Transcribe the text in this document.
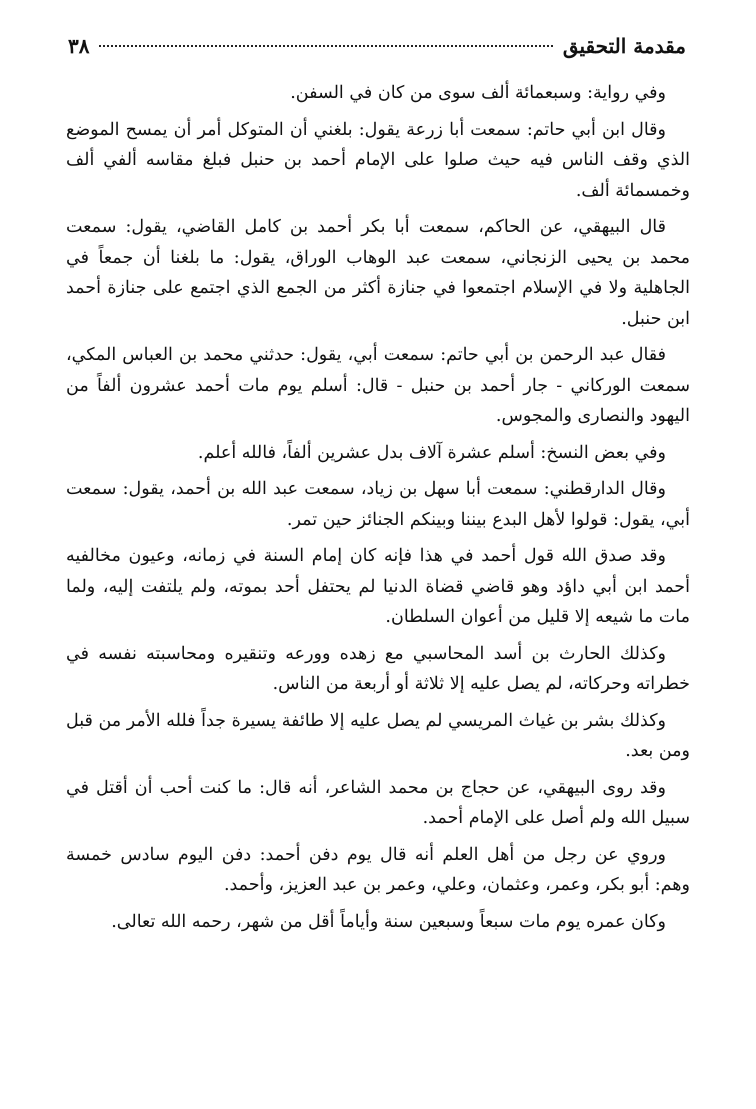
مقدمة التحقيق
٣٨

وفي رواية: وسبعمائة ألف سوى من كان في السفن.

وقال ابن أبي حاتم: سمعت أبا زرعة يقول: بلغني أن المتوكل أمر أن يمسح الموضع الذي وقف الناس فيه حيث صلوا على الإمام أحمد بن حنبل فبلغ مقاسه ألفي ألف وخمسمائة ألف.

قال البيهقي، عن الحاكم، سمعت أبا بكر أحمد بن كامل القاضي، يقول: سمعت محمد بن يحيى الزنجاني، سمعت عبد الوهاب الوراق، يقول: ما بلغنا أن جمعاً في الجاهلية ولا في الإسلام اجتمعوا في جنازة أكثر من الجمع الذي اجتمع على جنازة أحمد ابن حنبل.

فقال عبد الرحمن بن أبي حاتم: سمعت أبي، يقول: حدثني محمد بن العباس المكي، سمعت الوركاني - جار أحمد بن حنبل - قال: أسلم يوم مات أحمد عشرون ألفاً من اليهود والنصارى والمجوس.

وفي بعض النسخ: أسلم عشرة آلاف بدل عشرين ألفاً، فالله أعلم.

وقال الدارقطني: سمعت أبا سهل بن زياد، سمعت عبد الله بن أحمد، يقول: سمعت أبي، يقول: قولوا لأهل البدع بيننا وبينكم الجنائز حين تمر.

وقد صدق الله قول أحمد في هذا فإنه كان إمام السنة في زمانه، وعيون مخالفيه أحمد ابن أبي داؤد وهو قاضي قضاة الدنيا لم يحتفل أحد بموته، ولم يلتفت إليه، ولما مات ما شيعه إلا قليل من أعوان السلطان.

وكذلك الحارث بن أسد المحاسبي مع زهده وورعه وتنقيره ومحاسبته نفسه في خطراته وحركاته، لم يصل عليه إلا ثلاثة أو أربعة من الناس.

وكذلك بشر بن غياث المريسي لم يصل عليه إلا طائفة يسيرة جداً فلله الأمر من قبل ومن بعد.

وقد روى البيهقي، عن حجاج بن محمد الشاعر، أنه قال: ما كنت أحب أن أقتل في سبيل الله ولم أصل على الإمام أحمد.

وروي عن رجل من أهل العلم أنه قال يوم دفن أحمد: دفن اليوم سادس خمسة وهم: أبو بكر، وعمر، وعثمان، وعلي، وعمر بن عبد العزيز، وأحمد.

وكان عمره يوم مات سبعاً وسبعين سنة وأياماً أقل من شهر، رحمه الله تعالى.
